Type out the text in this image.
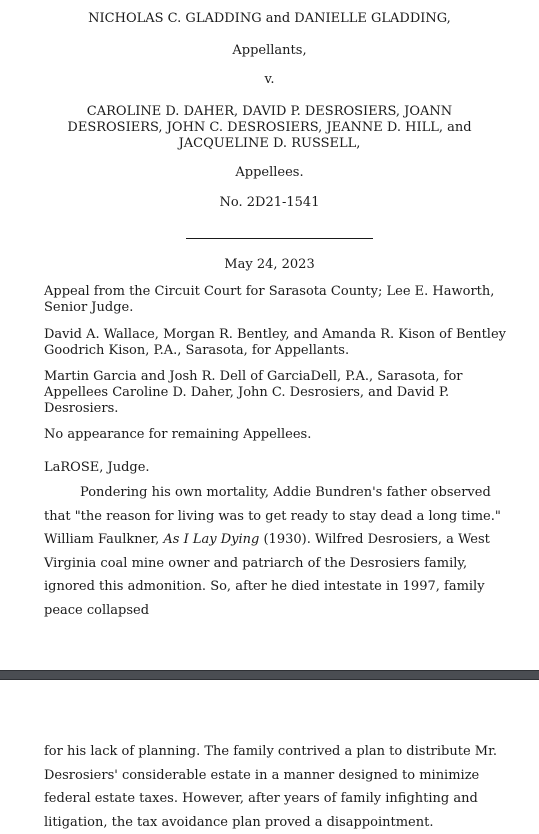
NICHOLAS C. GLADDING and DANIELLE GLADDING,
Appellants,
v.
CAROLINE D. DAHER, DAVID P. DESROSIERS, JOANN DESROSIERS, JOHN C. DESROSIERS, JEANNE D. HILL, and JACQUELINE D. RUSSELL,
Appellees.
No. 2D21-1541
May 24, 2023
Appeal from the Circuit Court for Sarasota County; Lee E. Haworth, Senior Judge.
David A. Wallace, Morgan R. Bentley, and Amanda R. Kison of Bentley Goodrich Kison, P.A., Sarasota, for Appellants.
Martin Garcia and Josh R. Dell of GarciaDell, P.A., Sarasota, for Appellees Caroline D. Daher, John C. Desrosiers, and David P. Desrosiers.
No appearance for remaining Appellees.
LaROSE, Judge.
Pondering his own mortality, Addie Bundren's father observed that "the reason for living was to get ready to stay dead a long time." William Faulkner, As I Lay Dying (1930). Wilfred Desrosiers, a West Virginia coal mine owner and patriarch of the Desrosiers family, ignored this admonition. So, after he died intestate in 1997, family peace collapsed
for his lack of planning. The family contrived a plan to distribute Mr. Desrosiers' considerable estate in a manner designed to minimize federal estate taxes. However, after years of family infighting and litigation, the tax avoidance plan proved a disappointment.
